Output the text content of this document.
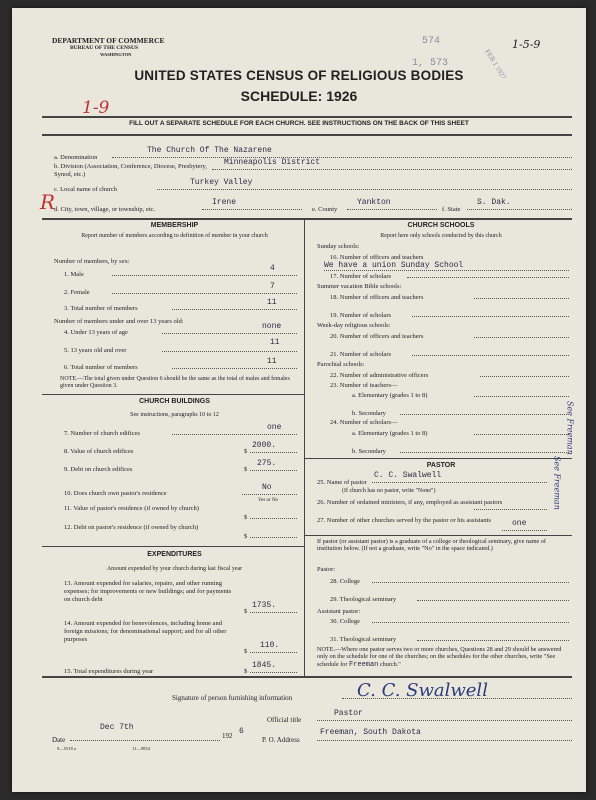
DEPARTMENT OF COMMERCE
BUREAU OF THE CENSUS
WASHINGTON
574
1, 573	FEB 1 1927
1-5-9
UNITED STATES CENSUS OF RELIGIOUS BODIES
SCHEDULE: 1926
1-9
FILL OUT A SEPARATE SCHEDULE FOR EACH CHURCH. SEE INSTRUCTIONS ON THE BACK OF THIS SHEET
a. Denomination
The Church Of The Nazarene
b. Division (Association, Conference, Diocese, Presbytery, Synod, etc.)
Minneapolis District
R
c. Local name of church
Turkey Valley
d. City, town, village, or township, etc.
Irene
e. County
Yankton
f. State
S. Dak.
MEMBERSHIP
Report number of members according to definition of member in your church
Number of members, by sex:
1. Male
4
2. Female
7
3. Total number of members
11
Number of members under and over 13 years old:
4. Under 13 years of age
none
5. 13 years old and over
11
6. Total number of members
11
NOTE.—The total given under Question 6 should be the same as the total of males and females given under Question 3.
CHURCH BUILDINGS
See instructions, paragraphs 10 to 12
7. Number of church edifices
one
8. Value of church edifices	$
2000.
9. Debt on church edifices	$
275.
10. Does church own pastor's residence
No
Yes or No
11. Value of pastor's residence (if owned by church)
$
12. Debt on pastor's residence (if owned by church)
$
EXPENDITURES
Amount expended by your church during last fiscal year
13. Amount expended for salaries, repairs, and other running expenses; for improvements or new buildings; and for payments on church debt
$
1735.
14. Amount expended for benevolences, including home and foreign missions; for denominational support; and for all other purposes
$
110.
15. Total expenditures during year	$
1845.
CHURCH SCHOOLS
Report here only schools conducted by this church
Sunday schools:
16. Number of officers and teachers
We have a union Sunday School
17. Number of scholars
Summer vacation Bible schools:
18. Number of officers and teachers
19. Number of scholars
Week-day religious schools:
20. Number of officers and teachers
21. Number of scholars
Parochial schools:
22. Number of administrative officers
23. Number of teachers—
a. Elementary (grades 1 to 8)
b. Secondary
24. Number of scholars—
a. Elementary (grades 1 to 8)
b. Secondary	See Freeman
PASTOR
25. Name of pastor
C. C. Swalwell
(If church has no pastor, write "None")
26. Number of ordained ministers, if any, employed as assistant pastors
27. Number of other churches served by the pastor or his assistants	one
See Freeman
If pastor (or assistant pastor) is a graduate of a college or theological seminary, give name of institution below. (If not a graduate, write "No" in the space indicated.)
Pastor:
28. College
29. Theological seminary
Assistant pastor:
30. College
31. Theological seminary
NOTE.—Where one pastor serves two or more churches, Questions 28 and 29 should be answered only on the schedule for one of the churches; on the schedules for the other churches, write "See schedule for Freeman church."
Signature of person furnishing information	C. C. Swalwell
Official title
Pastor
Date
Dec 7th
192 6
P. O. Address
Freeman, South Dakota
9—5518 a	11—9054
